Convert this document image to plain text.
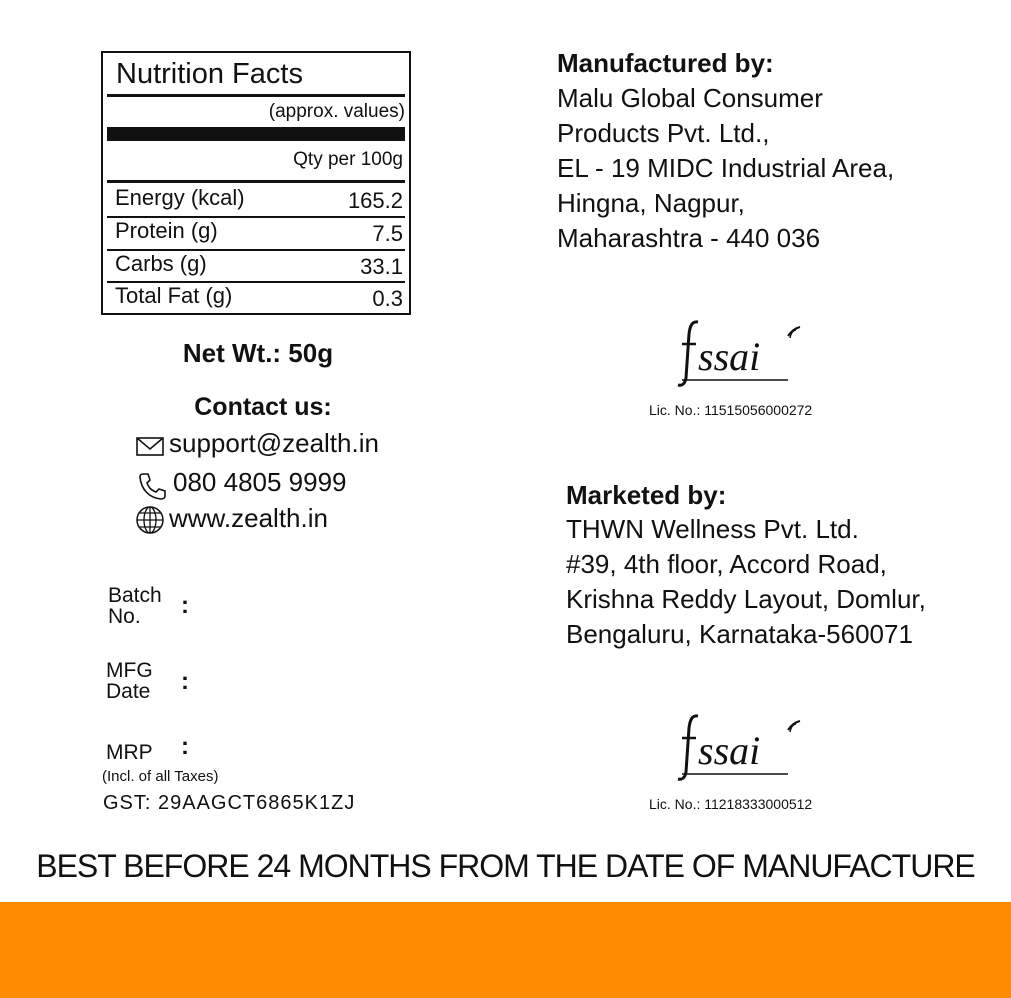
Nutrition Facts
(approx. values)
Qty per 100g
Energy (kcal)	165.2
Protein (g)	7.5
Carbs (g)	33.1
Total Fat (g)	0.3
Net Wt.: 50g
Contact us:
support@zealth.in
080 4805 9999
www.zealth.in
Batch
No.	:
MFG
Date :
MRP :
(Incl. of all Taxes)
GST: 29AAGCT6865K1ZJ
Manufactured by:
Malu Global Consumer
Products Pvt. Ltd.,
EL - 19 MIDC Industrial Area,
Hingna, Nagpur,
Maharashtra - 440 036
ssai
Lic. No.: 11515056000272
Marketed by:
THWN Wellness Pvt. Ltd.
#39, 4th floor, Accord Road,
Krishna Reddy Layout, Domlur,
Bengaluru, Karnataka-560071
ssai
Lic. No.: 11218333000512
BEST BEFORE 24 MONTHS FROM THE DATE OF MANUFACTURE
